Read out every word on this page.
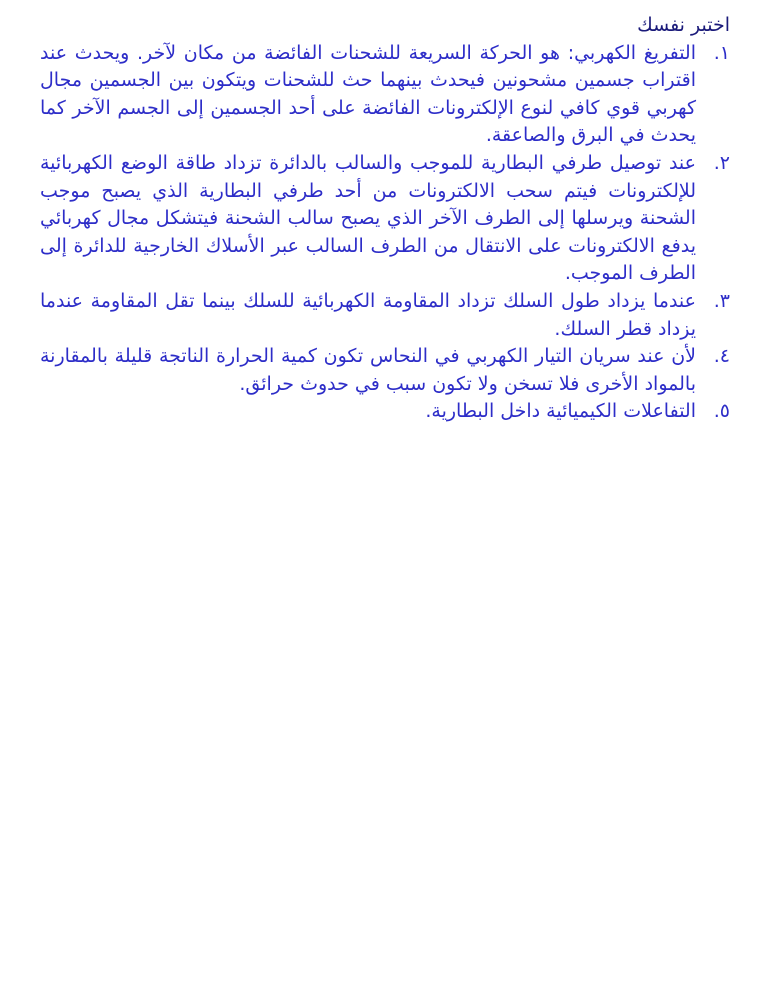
اختبر نفسك
١.
التفريغ الكهربي: هو الحركة السريعة للشحنات الفائضة من مكان لآخر. ويحدث عند اقتراب جسمين مشحونين فيحدث بينهما حث للشحنات ويتكون بين الجسمين مجال كهربي قوي كافي لنوع الإلكترونات الفائضة على أحد الجسمين إلى الجسم الآخر كما يحدث في البرق والصاعقة.
٢.
عند توصيل طرفي البطارية للموجب والسالب بالدائرة تزداد طاقة الوضع الكهربائية للإلكترونات فيتم سحب الالكترونات من أحد طرفي البطارية الذي يصبح موجب الشحنة ويرسلها إلى الطرف الآخر الذي يصبح سالب الشحنة فيتشكل مجال كهربائي يدفع الالكترونات على الانتقال من الطرف السالب عبر الأسلاك الخارجية للدائرة إلى الطرف الموجب.
٣.
عندما يزداد طول السلك تزداد المقاومة الكهربائية للسلك بينما تقل المقاومة عندما يزداد قطر السلك.
٤.
لأن عند سريان التيار الكهربي في النحاس تكون كمية الحرارة الناتجة قليلة بالمقارنة بالمواد الأخرى فلا تسخن ولا تكون سبب في حدوث حرائق.
٥.
التفاعلات الكيميائية داخل البطارية.
